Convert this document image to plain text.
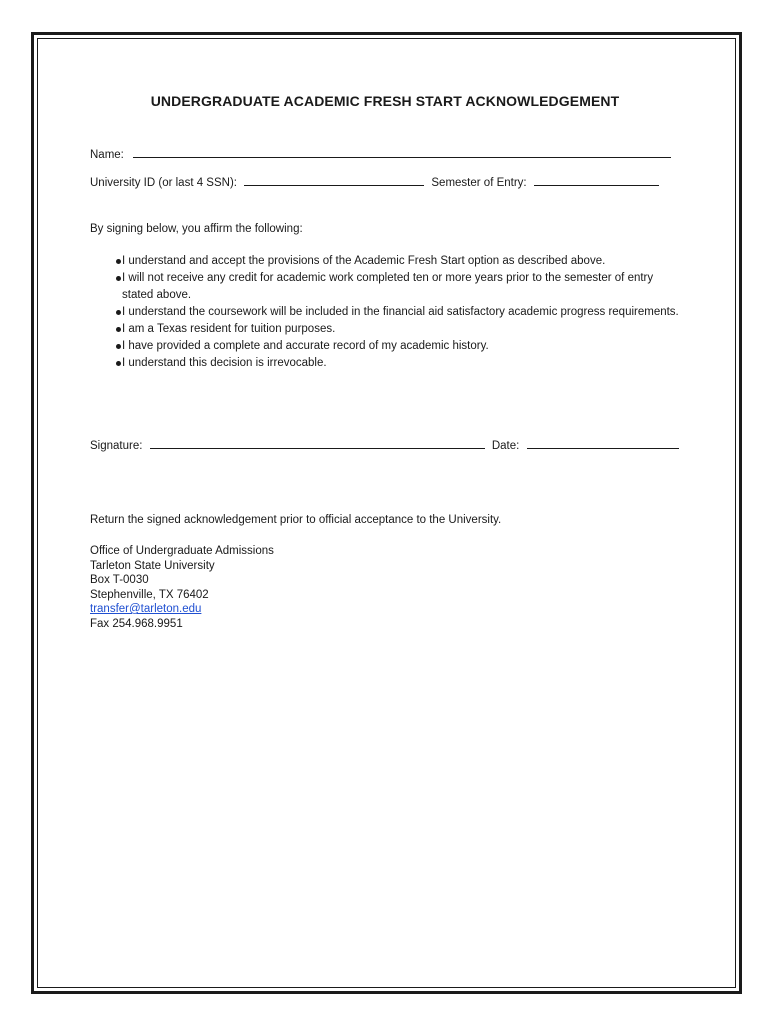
UNDERGRADUATE ACADEMIC FRESH START ACKNOWLEDGEMENT
Name:
University ID (or last 4 SSN):	Semester of Entry:
By signing below, you affirm the following:
I understand and accept the provisions of the Academic Fresh Start option as described above.
I will not receive any credit for academic work completed ten or more years prior to the semester of entry stated above.
I understand the coursework will be included in the financial aid satisfactory academic progress requirements.
I am a Texas resident for tuition purposes.
I have provided a complete and accurate record of my academic history.
I understand this decision is irrevocable.
Signature:	Date:
Return the signed acknowledgement prior to official acceptance to the University.
Office of Undergraduate Admissions
Tarleton State University
Box T-0030
Stephenville, TX 76402
transfer@tarleton.edu
Fax 254.968.9951
